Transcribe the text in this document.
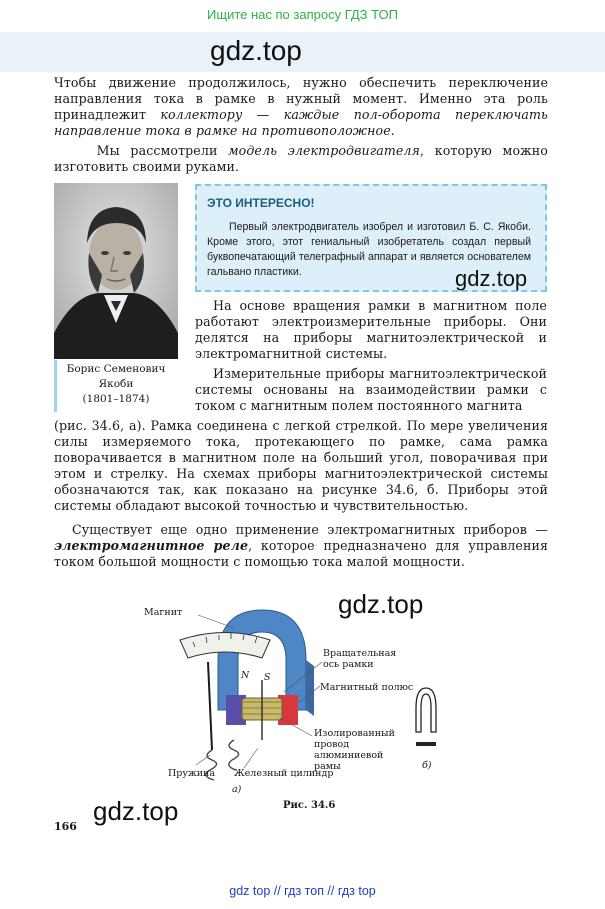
Ищите нас по запросу ГДЗ ТОП
gdz.top

Чтобы движение продолжилось, нужно обеспечить переключение направления тока в рамке в нужный момент. Именно эта роль принадлежит коллектору — каждые пол-оборота переключать направление тока в рамке на противоположное.

Мы рассмотрели модель электродвигателя, которую можно изготовить своими руками.

Борис Семенович
Якоби
(1801–1874)
ЭТО ИНТЕРЕСНО!
Первый электродвигатель изобрел и изготовил Б. С. Якоби. Кроме этого, этот гениальный изобретатель создал первый буквопечатающий телеграфный аппарат и является основателем гальвано пластики.	gdz.top

На основе вращения рамки в магнитном поле работают электроизмерительные приборы. Они делятся на приборы магнитоэлектрической и электромагнитной системы.

Измерительные приборы магнитоэлектрической системы основаны на взаимодействии рамки с током с магнитным полем постоянного магнита

(рис. 34.6, а). Рамка соединена с легкой стрелкой. По мере увеличения силы измеряемого тока, протекающего по рамке, сама рамка поворачивается в магнитном поле на больший угол, поворачивая при этом и стрелку. На схемах приборы магнитоэлектрической системы обозначаются так, как показано на рисунке 34.6, б. Приборы этой системы обладают высокой точностью и чувствительностью.

Существует еще одно применение электромагнитных приборов — электромагнитное реле, которое предназначено для управления током большой мощности с помощью тока малой мощности.

gdz.top
Магнит
Вращательная ось рамки
Магнитный полюс
Изолированный провод алюминиевой рамы
Пружина Железный цилиндр
а)
б)
N S
Рис. 34.6
gdz.top
166
gdz top // гдз топ // гдз top
